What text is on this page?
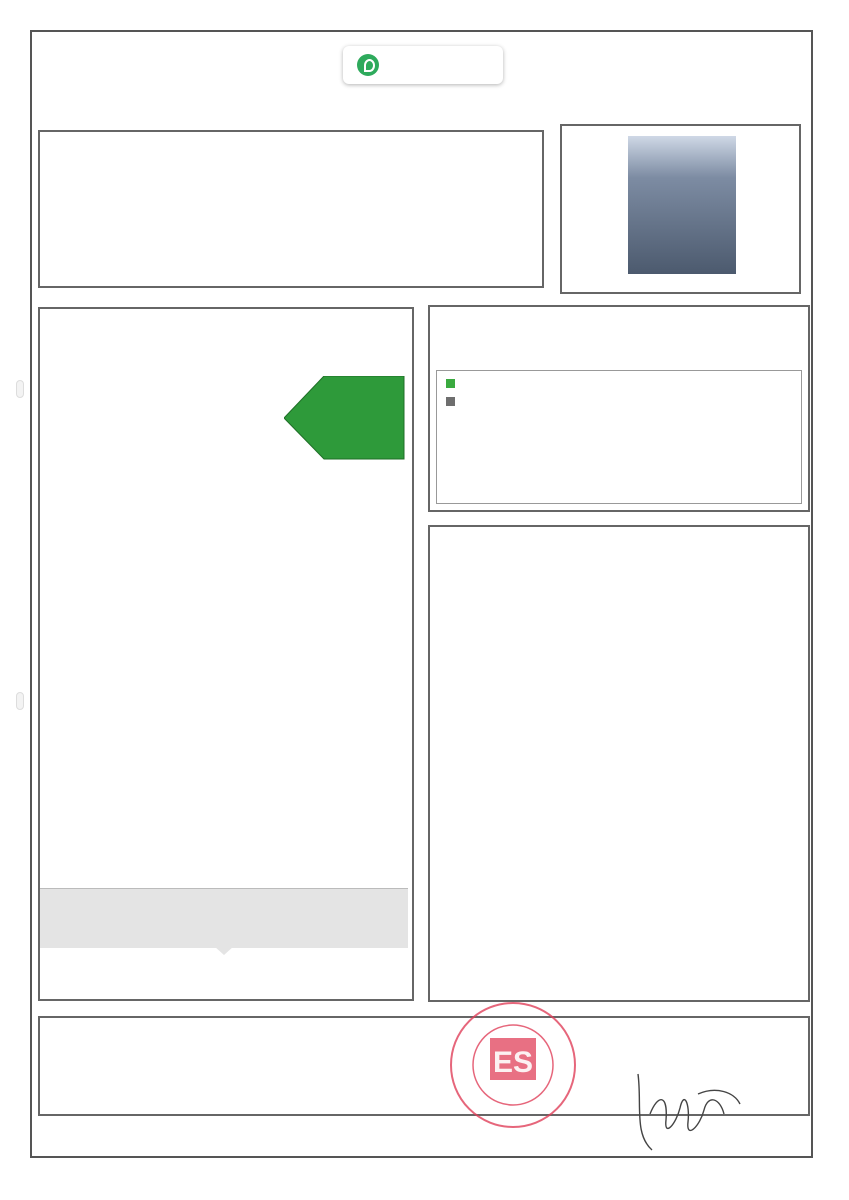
ES
